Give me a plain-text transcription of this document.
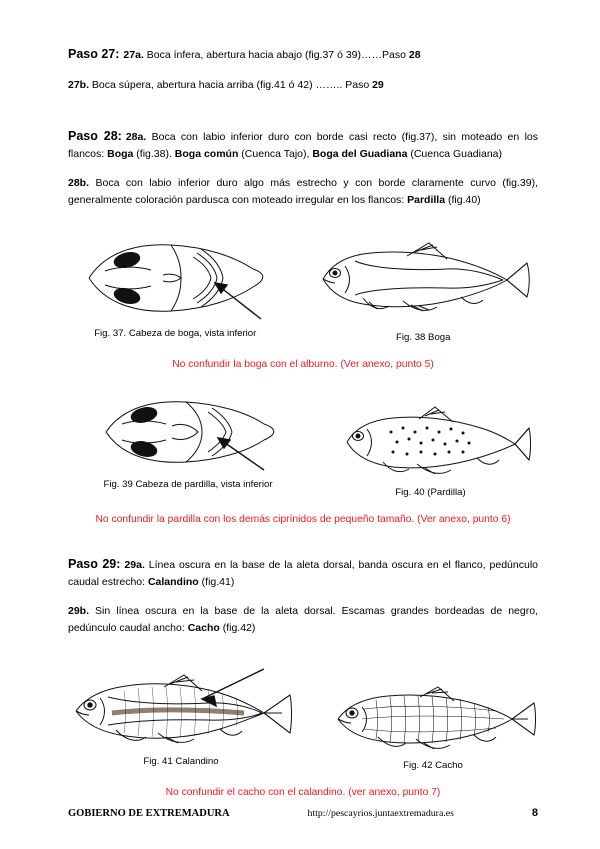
Paso 27: 27a. Boca ínfera, abertura hacia abajo (fig.37 ó 39)……Paso 28

27b. Boca súpera, abertura hacia arriba (fig.41 ó 42) …….. Paso 29

Paso 28: 28a. Boca con labio inferior duro con borde casi recto (fig.37), sin moteado en los flancos: Boga (fig.38). Boga común (Cuenca Tajo), Boga del Guadiana (Cuenca Guadiana)

28b. Boca con labio inferior duro algo más estrecho y con borde claramente curvo (fig.39), generalmente coloración pardusca con moteado irregular en los flancos: Pardilla (fig.40)

Fig. 37. Cabeza de boga, vista inferior	Fig. 38 Boga

No confundir la boga con el alburno. (Ver anexo, punto 5)

Fig. 39 Cabeza de pardilla, vista inferior

Fig. 40 (Pardilla)

No confundir la pardilla con los demás ciprínidos de pequeño tamaño. (Ver anexo, punto 6)

Paso 29: 29a. Línea oscura en la base de la aleta dorsal, banda oscura en el flanco, pedúnculo caudal estrecho: Calandino (fig.41)

29b. Sin línea oscura en la base de la aleta dorsal. Escamas grandes bordeadas de negro, pedúnculo caudal ancho: Cacho (fig.42)

Fig. 41 Calandino	Fig. 42 Cacho

No confundir el cacho con el calandino. (ver anexo, punto 7)

GOBIERNO DE EXTREMADURA	http://pescayrios.juntaextremadura.es	8
